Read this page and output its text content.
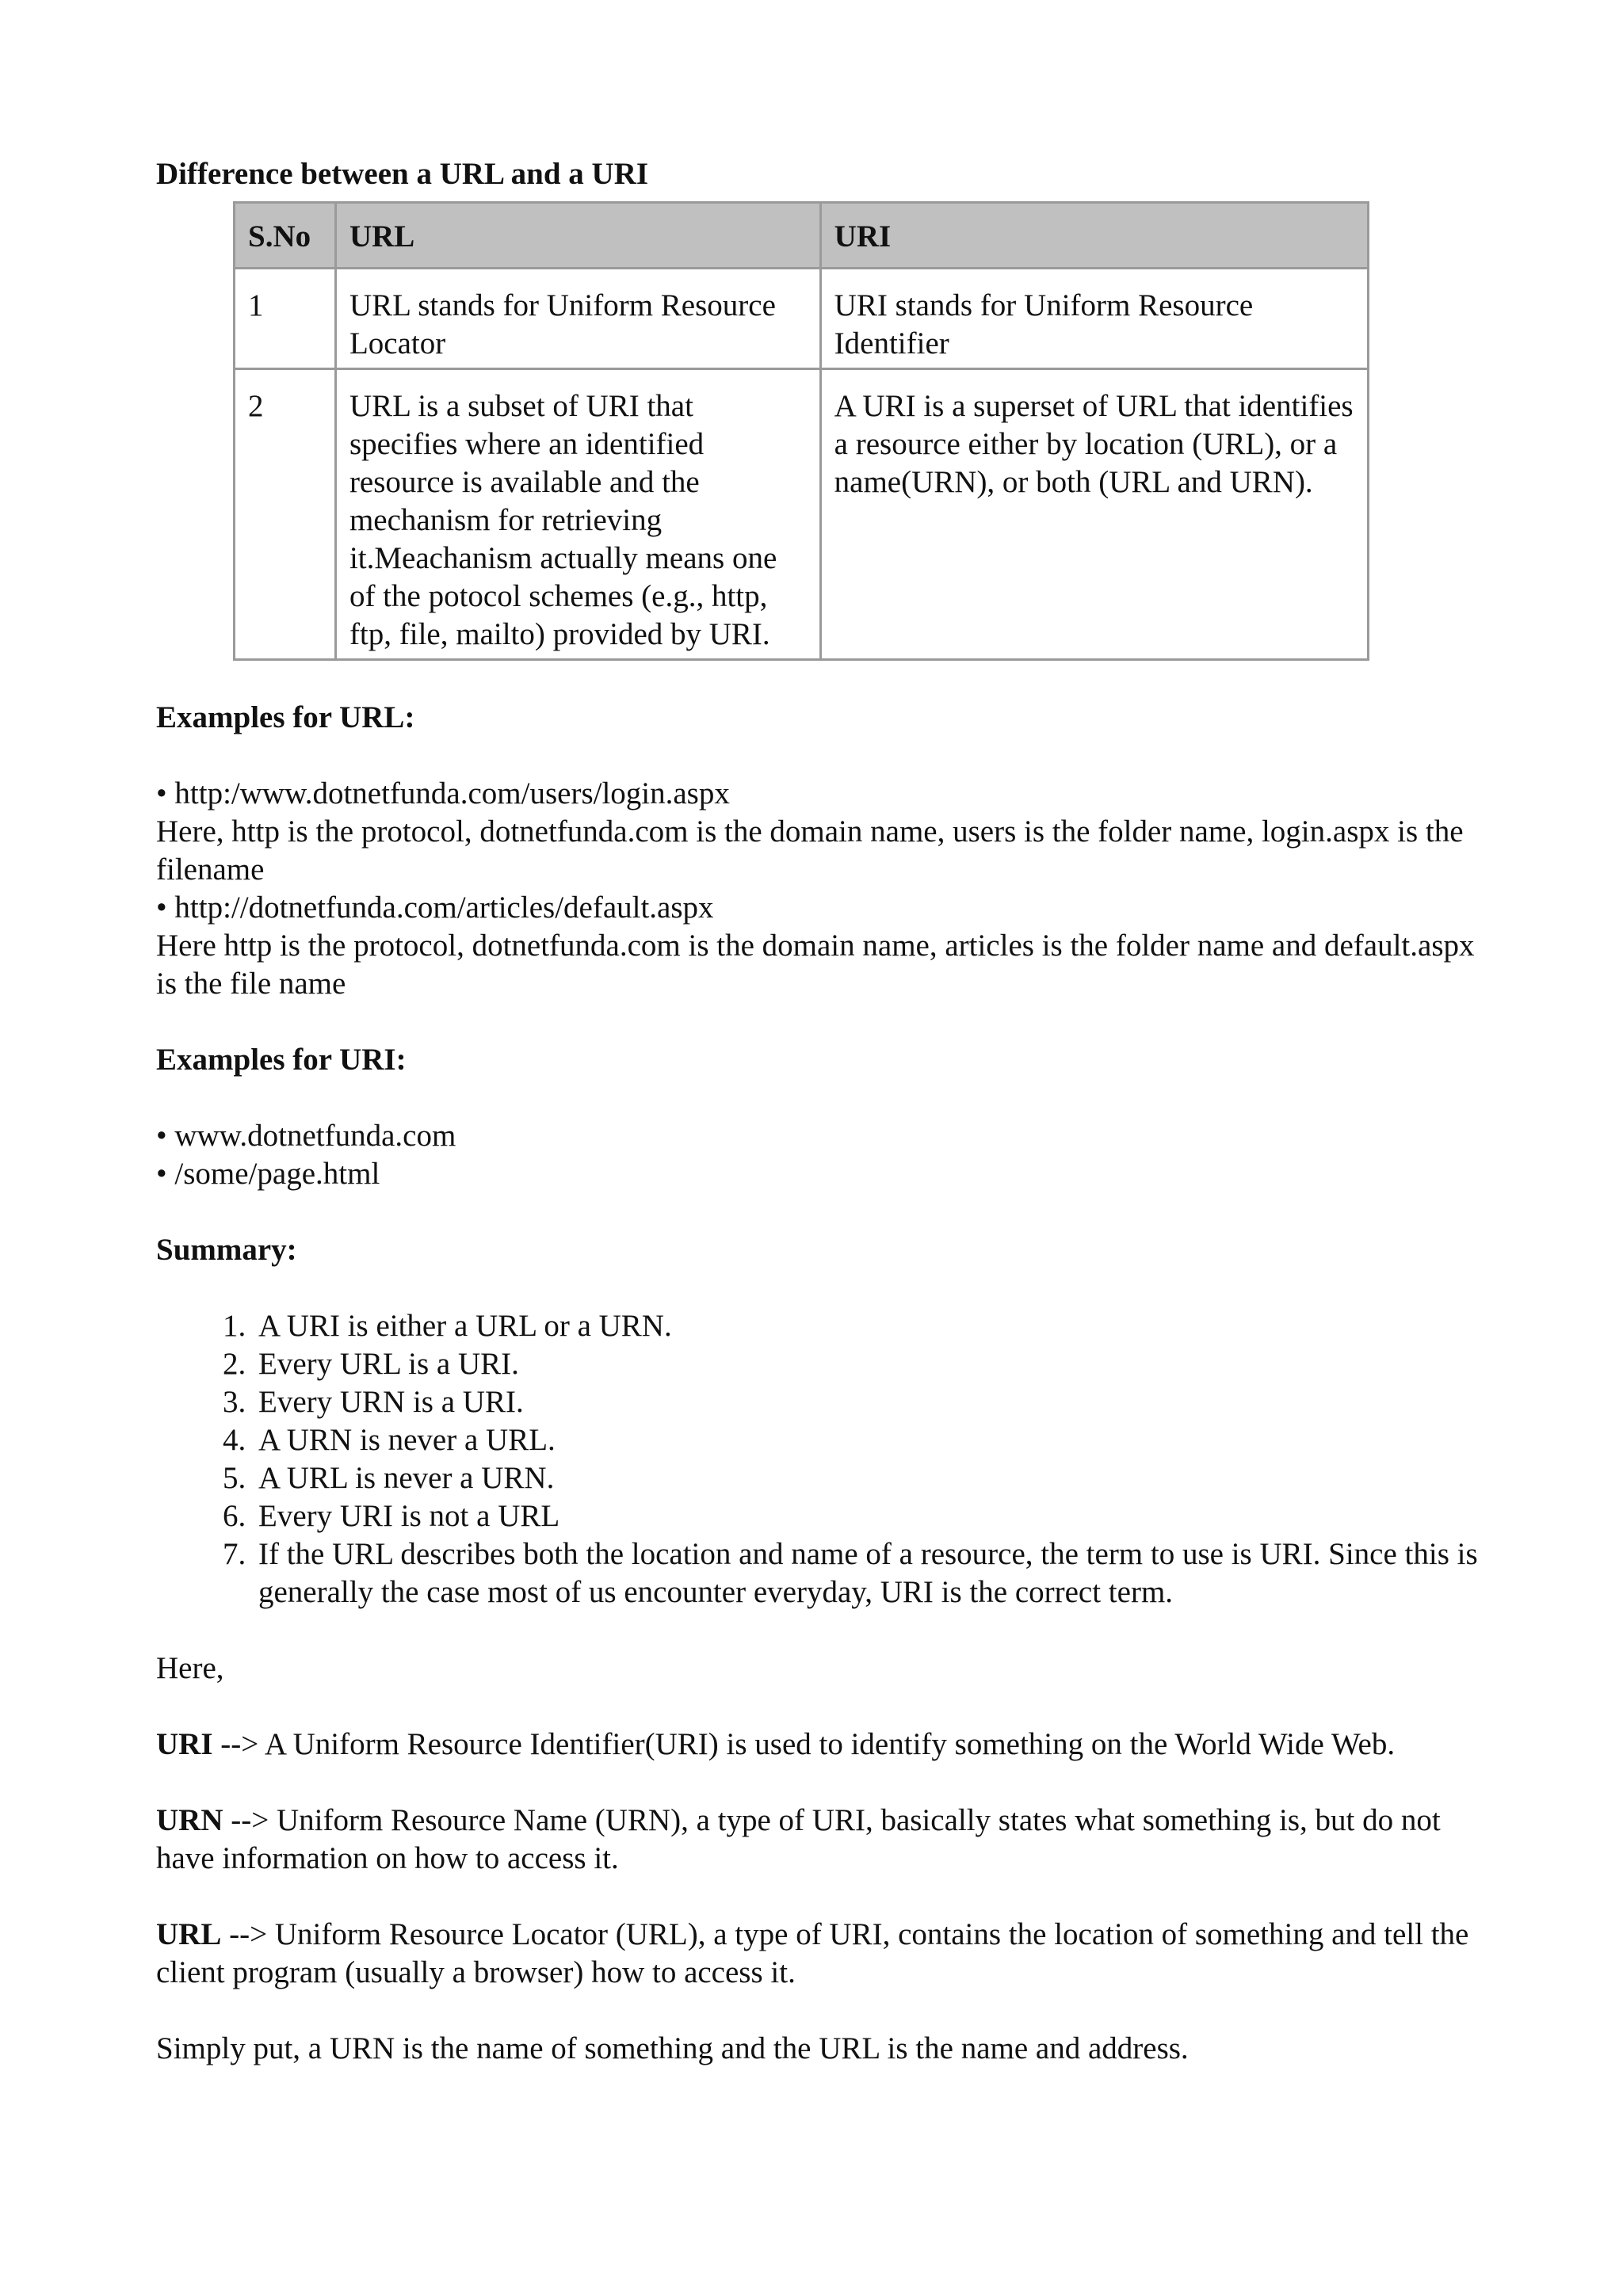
Difference between a URL and a URI

S.No	URL	URI
1	URL stands for Uniform Resource Locator	URI stands for Uniform Resource Identifier
2	URL is a subset of URI that specifies where an identified resource is available and the mechanism for retrieving it.Meachanism actually means one of the potocol schemes (e.g., http, ftp, file, mailto) provided by URI.	A URI is a superset of URL that identifies a resource either by location (URL), or a name(URN), or both (URL and URN).

Examples for URL:

• http:/www.dotnetfunda.com/users/login.aspx

Here, http is the protocol, dotnetfunda.com is the domain name, users is the folder name, login.aspx is the filename

• http://dotnetfunda.com/articles/default.aspx

Here http is the protocol, dotnetfunda.com is the domain name, articles is the folder name and default.aspx is the file name

Examples for URI:

• www.dotnetfunda.com

• /some/page.html

Summary:

1. A URI is either a URL or a URN.
2. Every URL is a URI.
3. Every URN is a URI.
4. A URN is never a URL.
5. A URL is never a URN.
6. Every URI is not a URL
7. If the URL describes both the location and name of a resource, the term to use is URI. Since this is generally the case most of us encounter everyday, URI is the correct term.

Here,

URI --> A Uniform Resource Identifier(URI) is used to identify something on the World Wide Web.

URN --> Uniform Resource Name (URN), a type of URI, basically states what something is, but do not have information on how to access it.

URL --> Uniform Resource Locator (URL), a type of URI, contains the location of something and tell the client program (usually a browser) how to access it.

Simply put, a URN is the name of something and the URL is the name and address.
